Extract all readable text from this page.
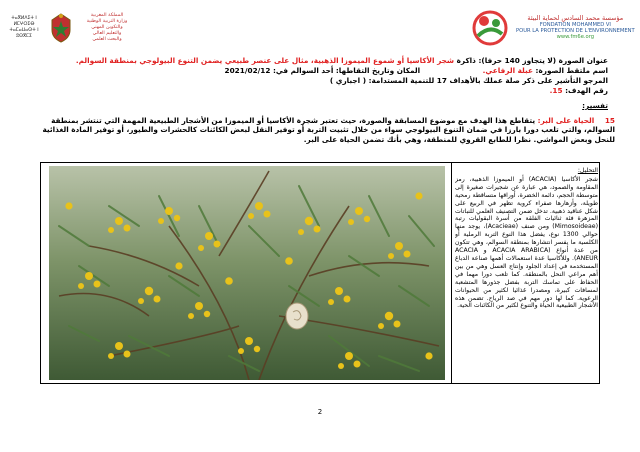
مؤسسة محمد السادس لحماية البيئة
FONDATION MOHAMMED VI
POUR LA PROTECTION DE L'ENVIRONNEMENT
www.fm6e.org
ⵜⴰⴳⵍⴷⵉⵜ ⵏ ⵍⵎⵖⵔⵉⴱ
ⵜⴰⵎⴰⵡⴰⵙⵜ ⵏ ⵓⵙⴳⵎⵉ
المملكة المغربية
وزارة التربية الوطنية
والتكوين المهني
والتعليم العالي
والبحث العلمي
عنوان الصورة (لا يتجاوز 140 حرفا): ذاكرة شجر الأكاسيا أو شموع الميموزا الذهبية، مثال على عنصر طبيعي يضمن التنوع البيولوجي بمنطقة السوالم.
اسم ملتقط الصورة: عبلة الرفاعي. المكان وتاريخ التقاطها: أحد السوالم في: 2021/02/12
المرجو التأشير على ذكر صلة عملك بالأهداف 17 للتنمية المستدامة: ( اجباري )
رقم الهدف: 15.
تفسير:
15 الحياة على البر: يتقاطع هذا الهدف مع موضوع المسابقة والصورة، حيث تعتبر شجرة الأكاسيا أو الميموزا من الأشجار الطبيعية المهمة التي تنتشر بمنطقة السوالم، والتي تلعب دورا بارزا في ضمان التنوع البيولوجي سواء من خلال تثبيت التربة أو توفير النقل لبعض الكائنات كالحشرات والطيور، أو توفير المادة الغذائية للنحل وبعض المواشي. نظرا للطابع القروي للمنطقة، وهي بأنك تضمن الحياة على البر.
التحليل:

شجر الأكاسيا (ACACIA) أو الميموزا الذهبية، رمز المقاومة والصمود، هي عبارة عن شجيرات صغيرة إلى متوسطة الحجم، دائمة الخضرة، أوراقها متساقطة رمحية طويلة، وأزهارها صفراء كروية تظهر في الربيع على شكل عناقيد ذهبية. تدخل ضمن التصنيف العلمي للنباتات المزهرة فئة ثنائيات الفلقة من أسرة البقوليات رتبة (Mimosoideae) ومن صنف (Acacieae)، يوجد منها حوالي 1300 نوع، يفضل هذا النوع التربة الرملية أو الكلسية ما يفسر انتشارها بمنطقة السوالم، وهي تتكون من عدة أنواع (ACACIA ARABICA و ACACIA ANEUR). وللأكاسيا عدة استعمالات أهمها صناعة الدباغ المستخدمة في إعداد الجلود وإنتاج العسل وهي من بين أهم مراعي النحل بالمنطقة. كما تلعب دورا مهما في الحفاظ على تماسك التربة بفضل جذورها المتشعبة لمسافات كبيرة، ومصدرا غذائيا لكثير من الحيوانات الرعوية. كما لها دور مهم في صد الرياح. تضمن هذه الأشجار الطبيعية الحياة والتنوع لكثير من الكائنات الحية.

2
